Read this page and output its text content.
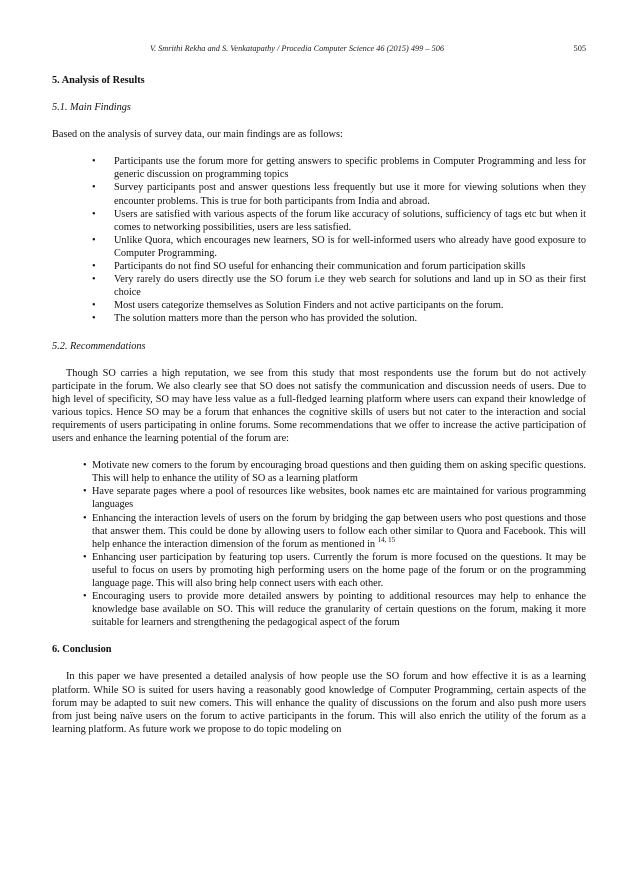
V. Smrithi Rekha and S. Venkatapathy / Procedia Computer Science 46 (2015) 499 – 506	505
5. Analysis of Results
5.1. Main Findings

Based on the analysis of survey data, our main findings are as follows:

• Participants use the forum more for getting answers to specific problems in Computer Programming and less for generic discussion on programming topics
• Survey participants post and answer questions less frequently but use it more for viewing solutions when they encounter problems. This is true for both participants from India and abroad.
• Users are satisfied with various aspects of the forum like accuracy of solutions, sufficiency of tags etc but when it comes to networking possibilities, users are less satisfied.
• Unlike Quora, which encourages new learners, SO is for well-informed users who already have good exposure to Computer Programming.
• Participants do not find SO useful for enhancing their communication and forum participation skills
• Very rarely do users directly use the SO forum i.e they web search for solutions and land up in SO as their first choice
• Most users categorize themselves as Solution Finders and not active participants on the forum.
• The solution matters more than the person who has provided the solution.
5.2. Recommendations

Though SO carries a high reputation, we see from this study that most respondents use the forum but do not actively participate in the forum. We also clearly see that SO does not satisfy the communication and discussion needs of users. Due to high level of specificity, SO may have less value as a full-fledged learning platform where users can expand their knowledge of various topics. Hence SO may be a forum that enhances the cognitive skills of users but not cater to the interaction and social requirements of users participating in online forums. Some recommendations that we offer to increase the active participation of users and enhance the learning potential of the forum are:

• Motivate new comers to the forum by encouraging broad questions and then guiding them on asking specific questions. This will help to enhance the utility of SO as a learning platform
• Have separate pages where a pool of resources like websites, book names etc are maintained for various programming languages
• Enhancing the interaction levels of users on the forum by bridging the gap between users who post questions and those that answer them. This could be done by allowing users to follow each other similar to Quora and Facebook. This will help enhance the interaction dimension of the forum as mentioned in $^{14, 15}$
• Enhancing user participation by featuring top users. Currently the forum is more focused on the questions. It may be useful to focus on users by promoting high performing users on the home page of the forum or on the programming language page. This will also bring help connect users with each other.
• Encouraging users to provide more detailed answers by pointing to additional resources may help to enhance the knowledge base available on SO. This will reduce the granularity of certain questions on the forum, making it more suitable for learners and strengthening the pedagogical aspect of the forum
6. Conclusion

In this paper we have presented a detailed analysis of how people use the SO forum and how effective it is as a learning platform. While SO is suited for users having a reasonably good knowledge of Computer Programming, certain aspects of the forum may be adapted to suit new comers. This will enhance the quality of discussions on the forum and also push more users from just being naïve users on the forum to active participants in the forum. This will also enrich the utility of the forum as a learning platform. As future work we propose to do topic modeling on
